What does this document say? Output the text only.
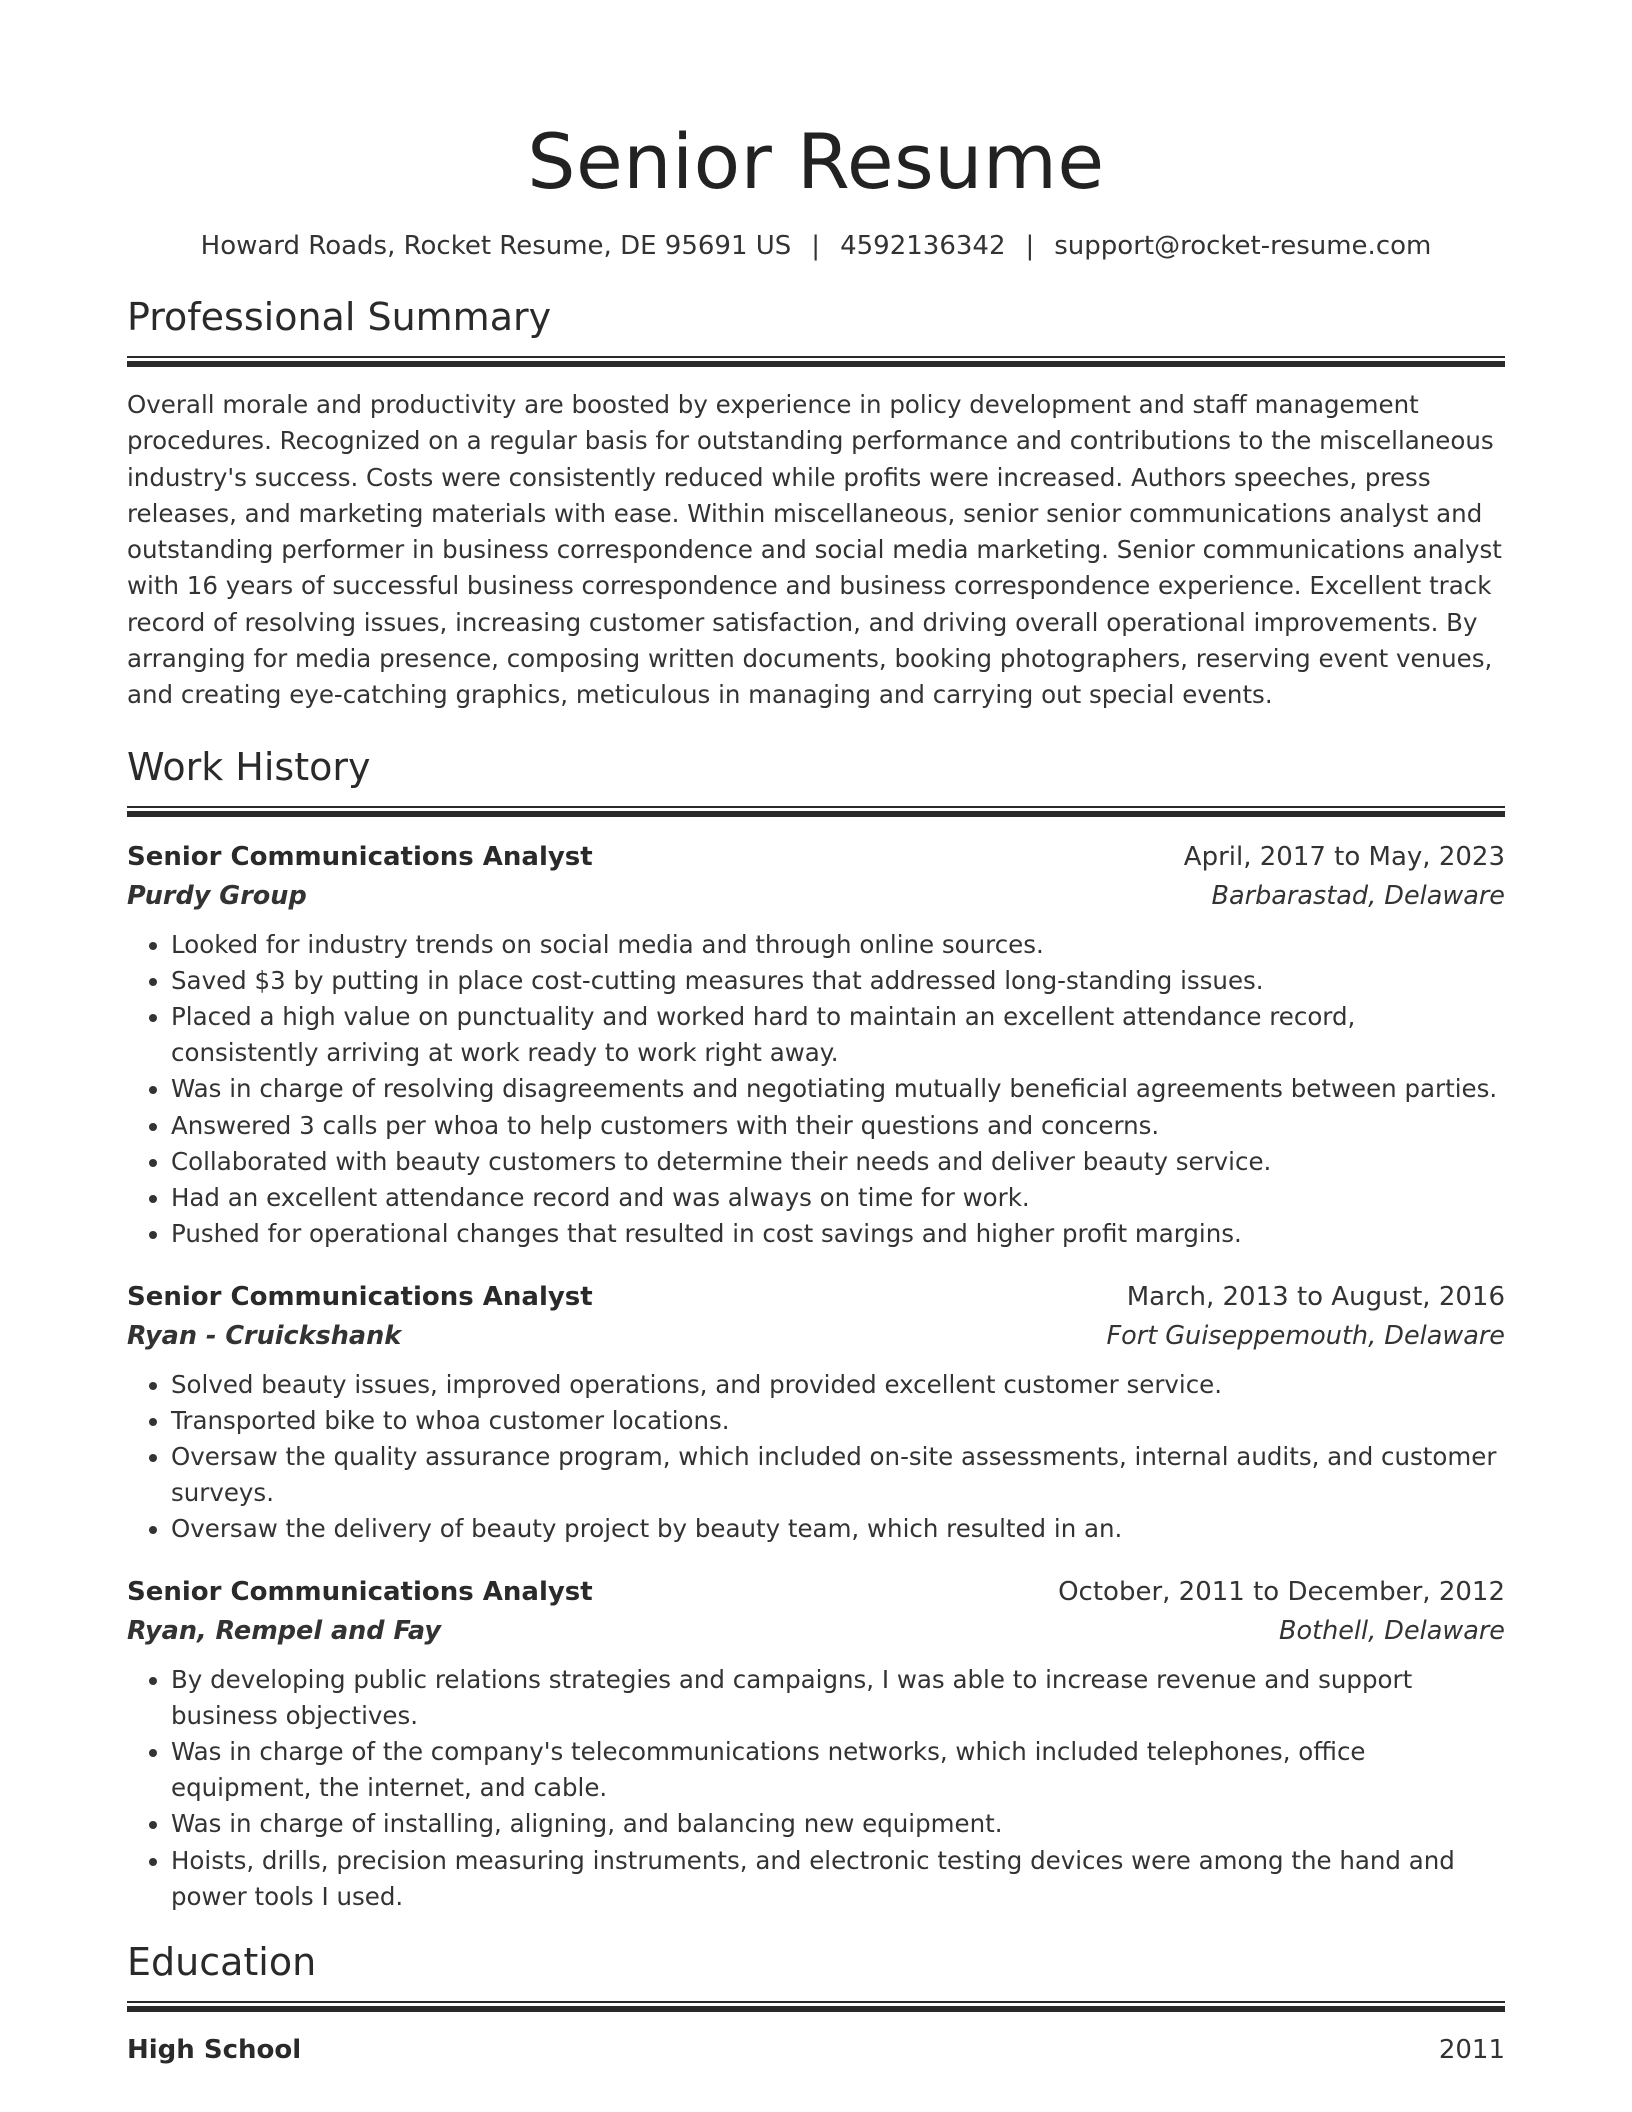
Senior Resume
Howard Roads, Rocket Resume, DE 95691 US | 4592136342 | support@rocket-resume.com
Professional Summary

Overall morale and productivity are boosted by experience in policy development and staff management procedures. Recognized on a regular basis for outstanding performance and contributions to the miscellaneous industry's success. Costs were consistently reduced while profits were increased. Authors speeches, press releases, and marketing materials with ease. Within miscellaneous, senior senior communications analyst and outstanding performer in business correspondence and social media marketing. Senior communications analyst with 16 years of successful business correspondence and business correspondence experience. Excellent track record of resolving issues, increasing customer satisfaction, and driving overall operational improvements. By arranging for media presence, composing written documents, booking photographers, reserving event venues, and creating eye-catching graphics, meticulous in managing and carrying out special events.

Work History
Senior Communications Analyst	April, 2017 to May, 2023
Purdy Group	Barbarastad, Delaware
• Looked for industry trends on social media and through online sources.
• Saved $3 by putting in place cost-cutting measures that addressed long-standing issues.
• Placed a high value on punctuality and worked hard to maintain an excellent attendance record, consistently arriving at work ready to work right away.
• Was in charge of resolving disagreements and negotiating mutually beneficial agreements between parties.
• Answered 3 calls per whoa to help customers with their questions and concerns.
• Collaborated with beauty customers to determine their needs and deliver beauty service.
• Had an excellent attendance record and was always on time for work.
• Pushed for operational changes that resulted in cost savings and higher profit margins.
Senior Communications Analyst	March, 2013 to August, 2016
Ryan - Cruickshank	Fort Guiseppemouth, Delaware
• Solved beauty issues, improved operations, and provided excellent customer service.
• Transported bike to whoa customer locations.
• Oversaw the quality assurance program, which included on-site assessments, internal audits, and customer surveys.
• Oversaw the delivery of beauty project by beauty team, which resulted in an.
Senior Communications Analyst	October, 2011 to December, 2012
Ryan, Rempel and Fay	Bothell, Delaware
• By developing public relations strategies and campaigns, I was able to increase revenue and support business objectives.
• Was in charge of the company's telecommunications networks, which included telephones, office equipment, the internet, and cable.
• Was in charge of installing, aligning, and balancing new equipment.
• Hoists, drills, precision measuring instruments, and electronic testing devices were among the hand and power tools I used.
Education
High School	2011
